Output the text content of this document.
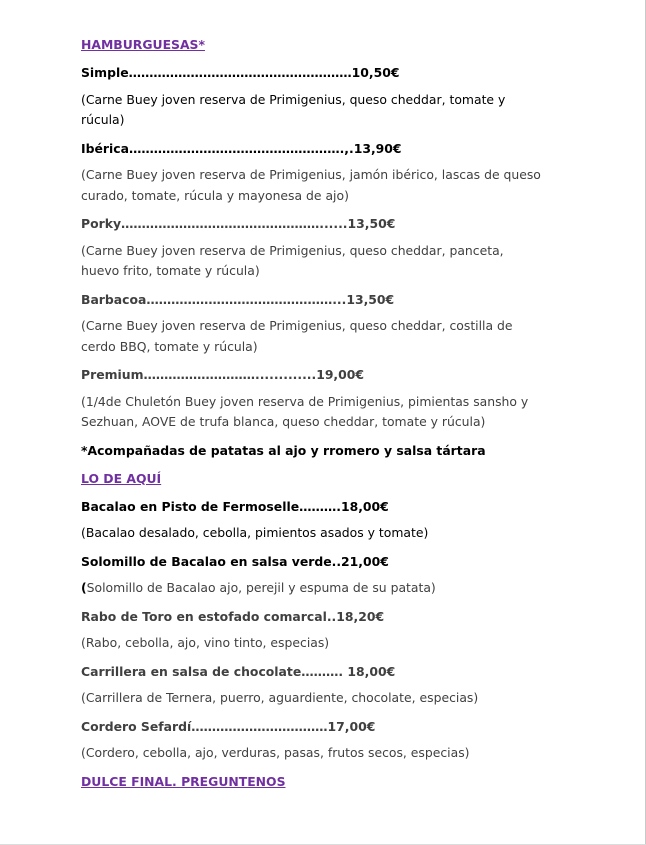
HAMBURGUESAS*
Simple………………………………………………10,50€
(Carne Buey joven reserva de Primigenius, queso cheddar, tomate y
rúcula)
Ibérica…………………………………………….,.13,90€
(Carne Buey joven reserva de Primigenius, jamón ibérico, lascas de queso
curado, tomate, rúcula y mayonesa de ajo)
Porky…………………………………………......13,50€
(Carne Buey joven reserva de Primigenius, queso cheddar, panceta,
huevo frito, tomate y rúcula)
Barbacoa………………………………………...13,50€
(Carne Buey joven reserva de Primigenius, queso cheddar, costilla de
cerdo BBQ, tomate y rúcula)
Premium……………………….............19,00€
(1/4de Chuletón Buey joven reserva de Primigenius, pimientas sansho y
Sezhuan, AOVE de trufa blanca, queso cheddar, tomate y rúcula)
*Acompañadas de patatas al ajo y rromero y salsa tártara
LO DE AQUÍ
Bacalao en Pisto de Fermoselle……….18,00€
(Bacalao desalado, cebolla, pimientos asados y tomate)
Solomillo de Bacalao en salsa verde..21,00€
(Solomillo de Bacalao ajo, perejil y espuma de su patata)
Rabo de Toro en estofado comarcal..18,20€
(Rabo, cebolla, ajo, vino tinto, especias)
Carrillera en salsa de chocolate………. 18,00€
(Carrillera de Ternera, puerro, aguardiente, chocolate, especias)
Cordero Sefardí……………………………17,00€
(Cordero, cebolla, ajo, verduras, pasas, frutos secos, especias)
DULCE FINAL. PREGUNTENOS
